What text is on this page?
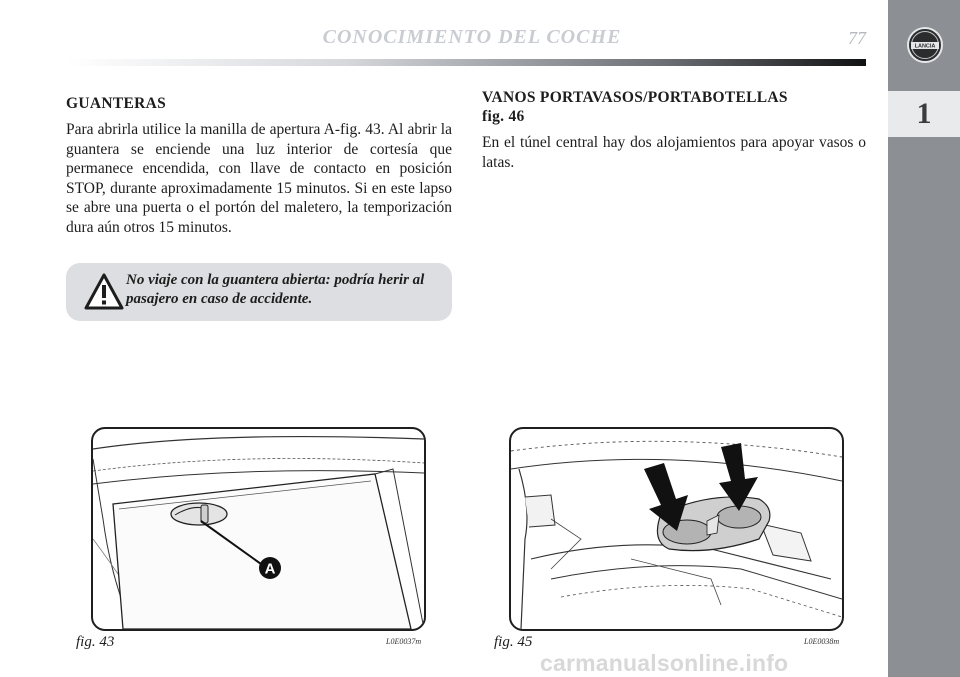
CONOCIMIENTO DEL COCHE	77
1
LANCIA
GUANTERAS

Para abrirla utilice la manilla de apertura A-fig. 43. Al abrir la guantera se enciende una luz interior de cortesía que permanece encendida, con llave de contacto en posición STOP, durante aproximadamente 15 minutos. Si en este lapso se abre una puerta o el portón del maletero, la temporización dura aún otros 15 minutos.

No viaje con la guantera abierta: podría herir al pasajero en caso de accidente.
VANOS PORTAVASOS/PORTABOTELLAS
fig. 46

En el túnel central hay dos alojamientos para apoyar vasos o latas.

A
fig. 43	L0E0037m	fig. 45	L0E0038m
carmanualsonline.info
